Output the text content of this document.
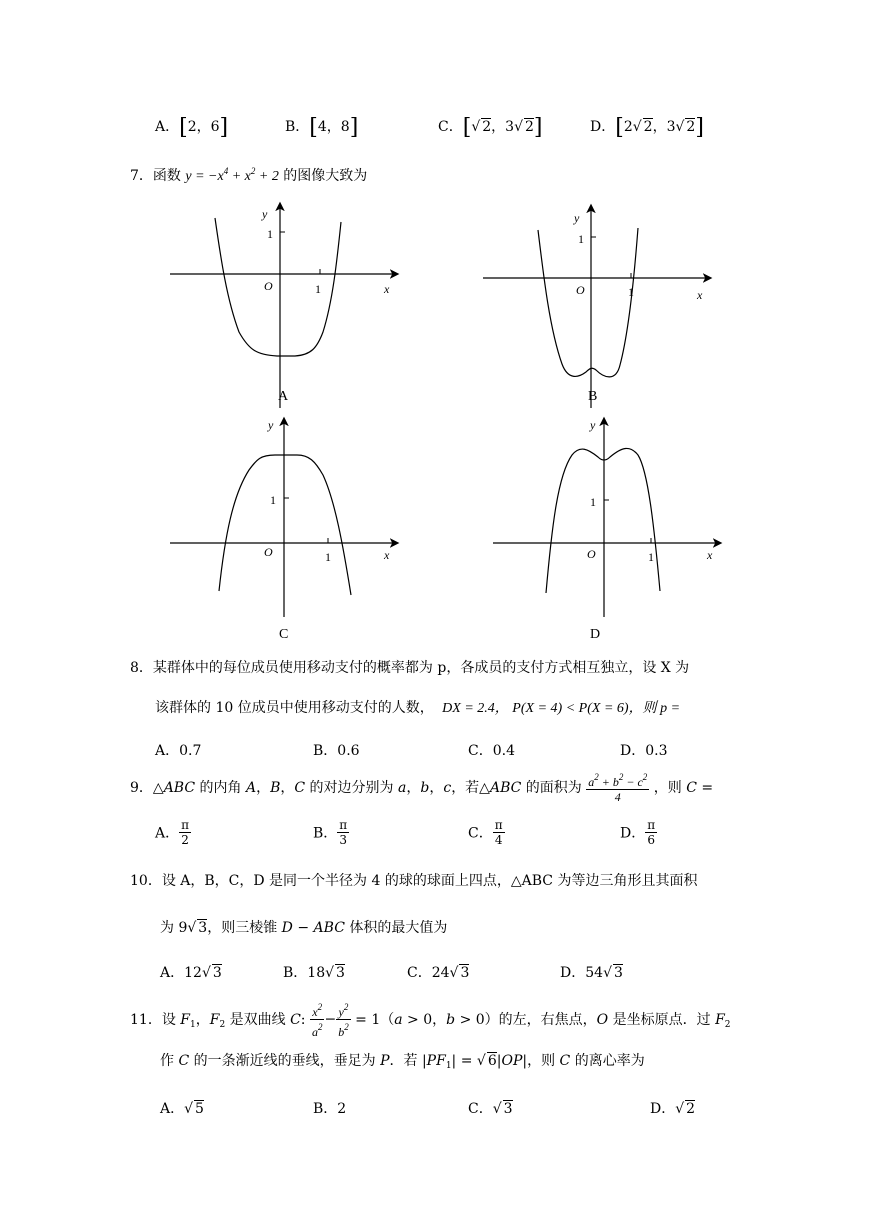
A．[2，6]	B．[4，8]	C．[√ 2，3√ 2]	D．[2√ 2，3√ 2]
7．函数 $y = -x^4 + x^2 + 2$ 的图像大致为
y
O
1
1	x
A
y
O
1
1	x
B
y
O
1
1	x
C
y
O
1
1	x
D
8．某群体中的每位成员使用移动支付的概率都为 p，各成员的支付方式相互独立，设 X 为
该群体的 10 位成员中使用移动支付的人数， DX = 2.4， P(X = 4) < P(X = 6)，则 p =
A．0.7	B．0.6	C．0.4	D．0.3
9．△ABC 的内角 A，B，C 的对边分别为 a，b，c，若△ABC 的面积为 $\frac{a^2 + b^2 - c^2}{4}$ ，则 C =
A． $\frac{\pi}{2}$	B． $\frac{\pi}{3}$	C． $\frac{\pi}{4}$	D． $\frac{\pi}{6}$
10．设 A，B，C，D 是同一个半径为 4 的球的球面上四点，△ABC 为等边三角形且其面积
为 9√ 3，则三棱锥 D − ABC 体积的最大值为
A．12√ 3	B．18√ 3	C．24√ 3	D．54√ 3
11．设 $F_1$，$F_2$ 是双曲线 C: $\frac{x^2}{a^2} - \frac{y^2}{b^2} = 1(a > 0$，b > 0）的左，右焦点，O 是坐标原点．过 $F_2$
作 C 的一条渐近线的垂线，垂足为 P．若 $|PF_1|$ = √ 6|OP|，则 C 的离心率为
A．√ 5	B．2	C．√ 3	D．√ 2
